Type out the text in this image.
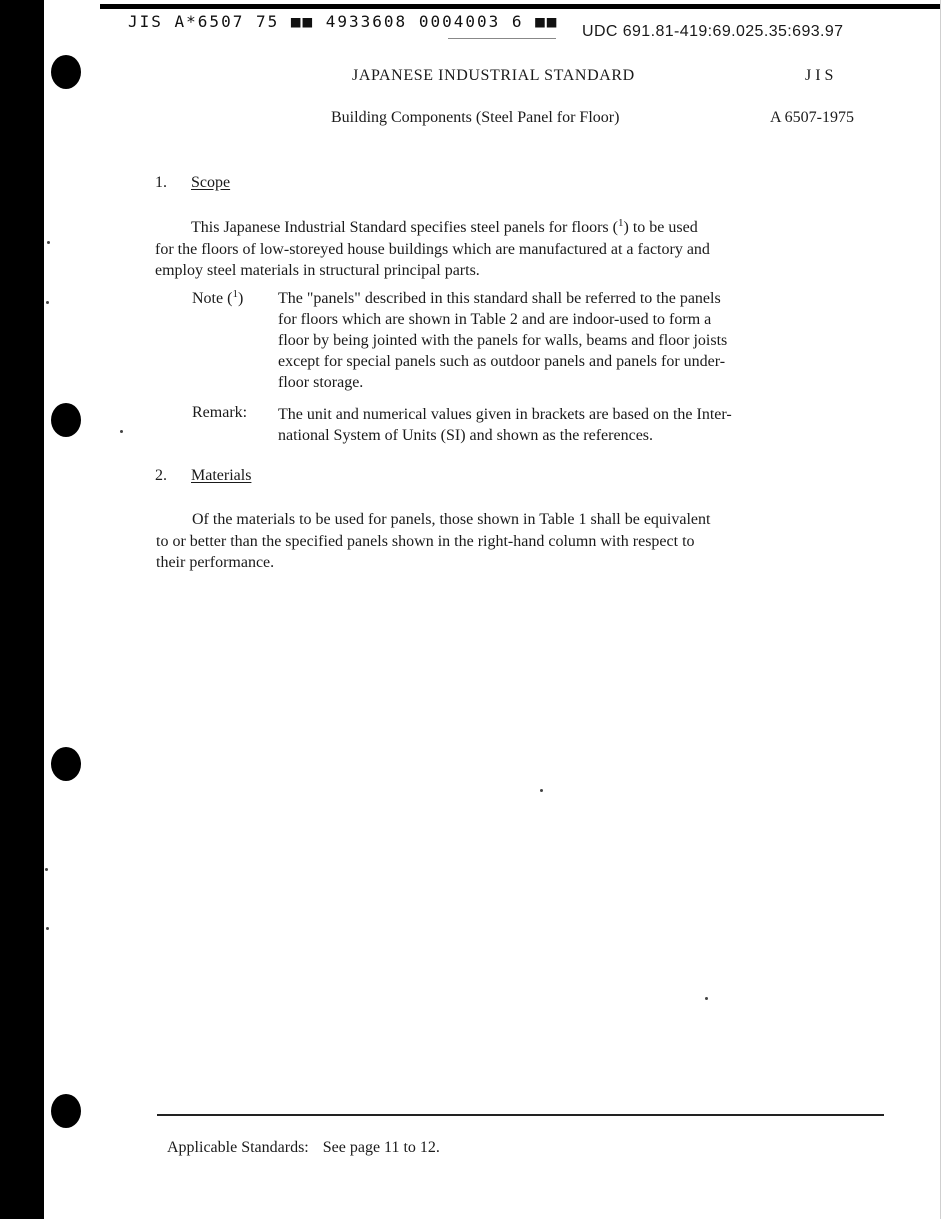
JIS A*6507 75 ■■ 4933608 0004003 6 ■■
UDC 691.81-419:69.025.35:693.97
JAPANESE INDUSTRIAL STANDARD	JIS
Building Components (Steel Panel for Floor)	A 6507-1975
1. Scope
This Japanese Industrial Standard specifies steel panels for floors ($^1$) to be used
for the floors of low-storeyed house buildings which are manufactured at a factory and
employ steel materials in structural principal parts.
Note ($^1$) The "panels" described in this standard shall be referred to the panels
for floors which are shown in Table 2 and are indoor-used to form a
floor by being jointed with the panels for walls, beams and floor joists
except for special panels such as outdoor panels and panels for under-
floor storage.
Remark: The unit and numerical values given in brackets are based on the Inter-
national System of Units (SI) and shown as the references.
2. Materials
Of the materials to be used for panels, those shown in Table 1 shall be equivalent
to or better than the specified panels shown in the right-hand column with respect to
their performance.
Applicable Standards: See page 11 to 12.
